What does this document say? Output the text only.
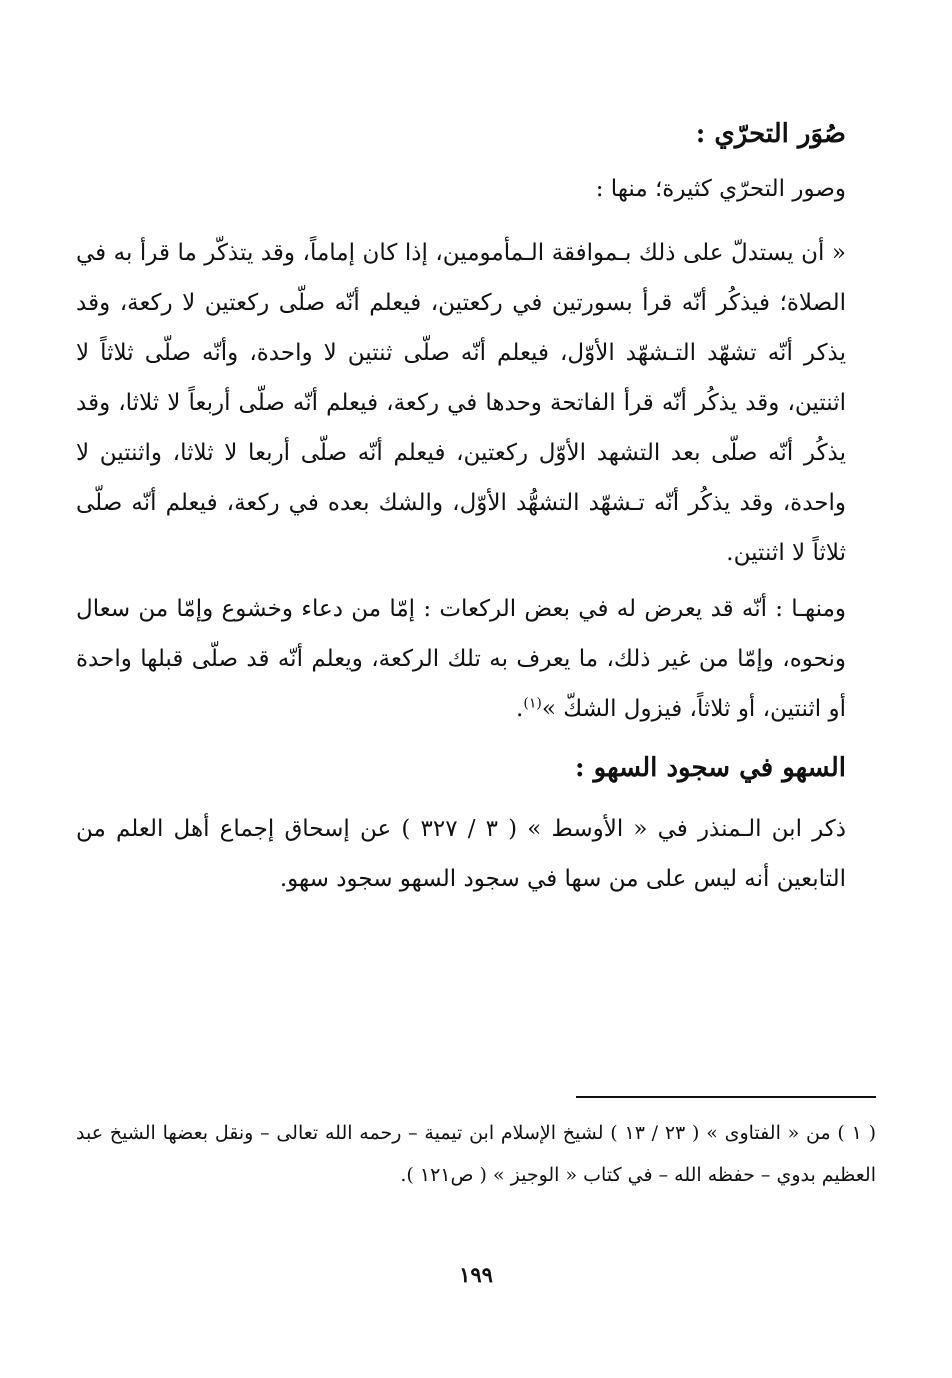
صُوَر التحرّي :

وصور التحرّي كثيرة؛ منها :

« أن يستدلّ على ذلك بـموافقة الـمأمومين، إذا كان إماماً، وقد يتذكّر ما قرأ به في الصلاة؛ فيذكُر أنّه قرأ بسورتين في ركعتين، فيعلم أنّه صلّى ركعتين لا ركعة، وقد يذكر أنّه تشهّد التـشهّد الأوّل، فيعلم أنّه صلّى ثنتين لا واحدة، وأنّه صلّى ثلاثاً لا اثنتين، وقد يذكُر أنّه قرأ الفاتحة وحدها في ركعة، فيعلم أنّه صلّى أربعاً لا ثلاثا، وقد يذكُر أنّه صلّى بعد التشهد الأوّل ركعتين، فيعلم أنّه صلّى أربعا لا ثلاثا، واثنتين لا واحدة، وقد يذكُر أنّه تـشهّد التشهُّد الأوّل، والشك بعده في ركعة، فيعلم أنّه صلّى ثلاثاً لا اثنتين.

ومنهـا : أنّه قد يعرض له في بعض الركعات : إمّا من دعاء وخشوع وإمّا من سعال ونحوه، وإمّا من غير ذلك، ما يعرف به تلك الركعة، ويعلم أنّه قد صلّى قبلها واحدة أو اثنتين، أو ثلاثاً، فيزول الشكّ »$^{(١)}$.

السهو في سجود السهو :

ذكر ابن الـمنذر في « الأوسط » ( ٣ / ٣٢٧ ) عن إسحاق إجماع أهل العلم من التابعين أنه ليس على من سها في سجود السهو سجود سهو.

( ١ ) من « الفتاوى » ( ٢٣ / ١٣ ) لشيخ الإسلام ابن تيمية – رحمه الله تعالى – ونقل بعضها الشيخ عبد العظيم بدوي – حفظه الله – في كتاب « الوجيز » ( ص١٢١ ).

١٩٩
